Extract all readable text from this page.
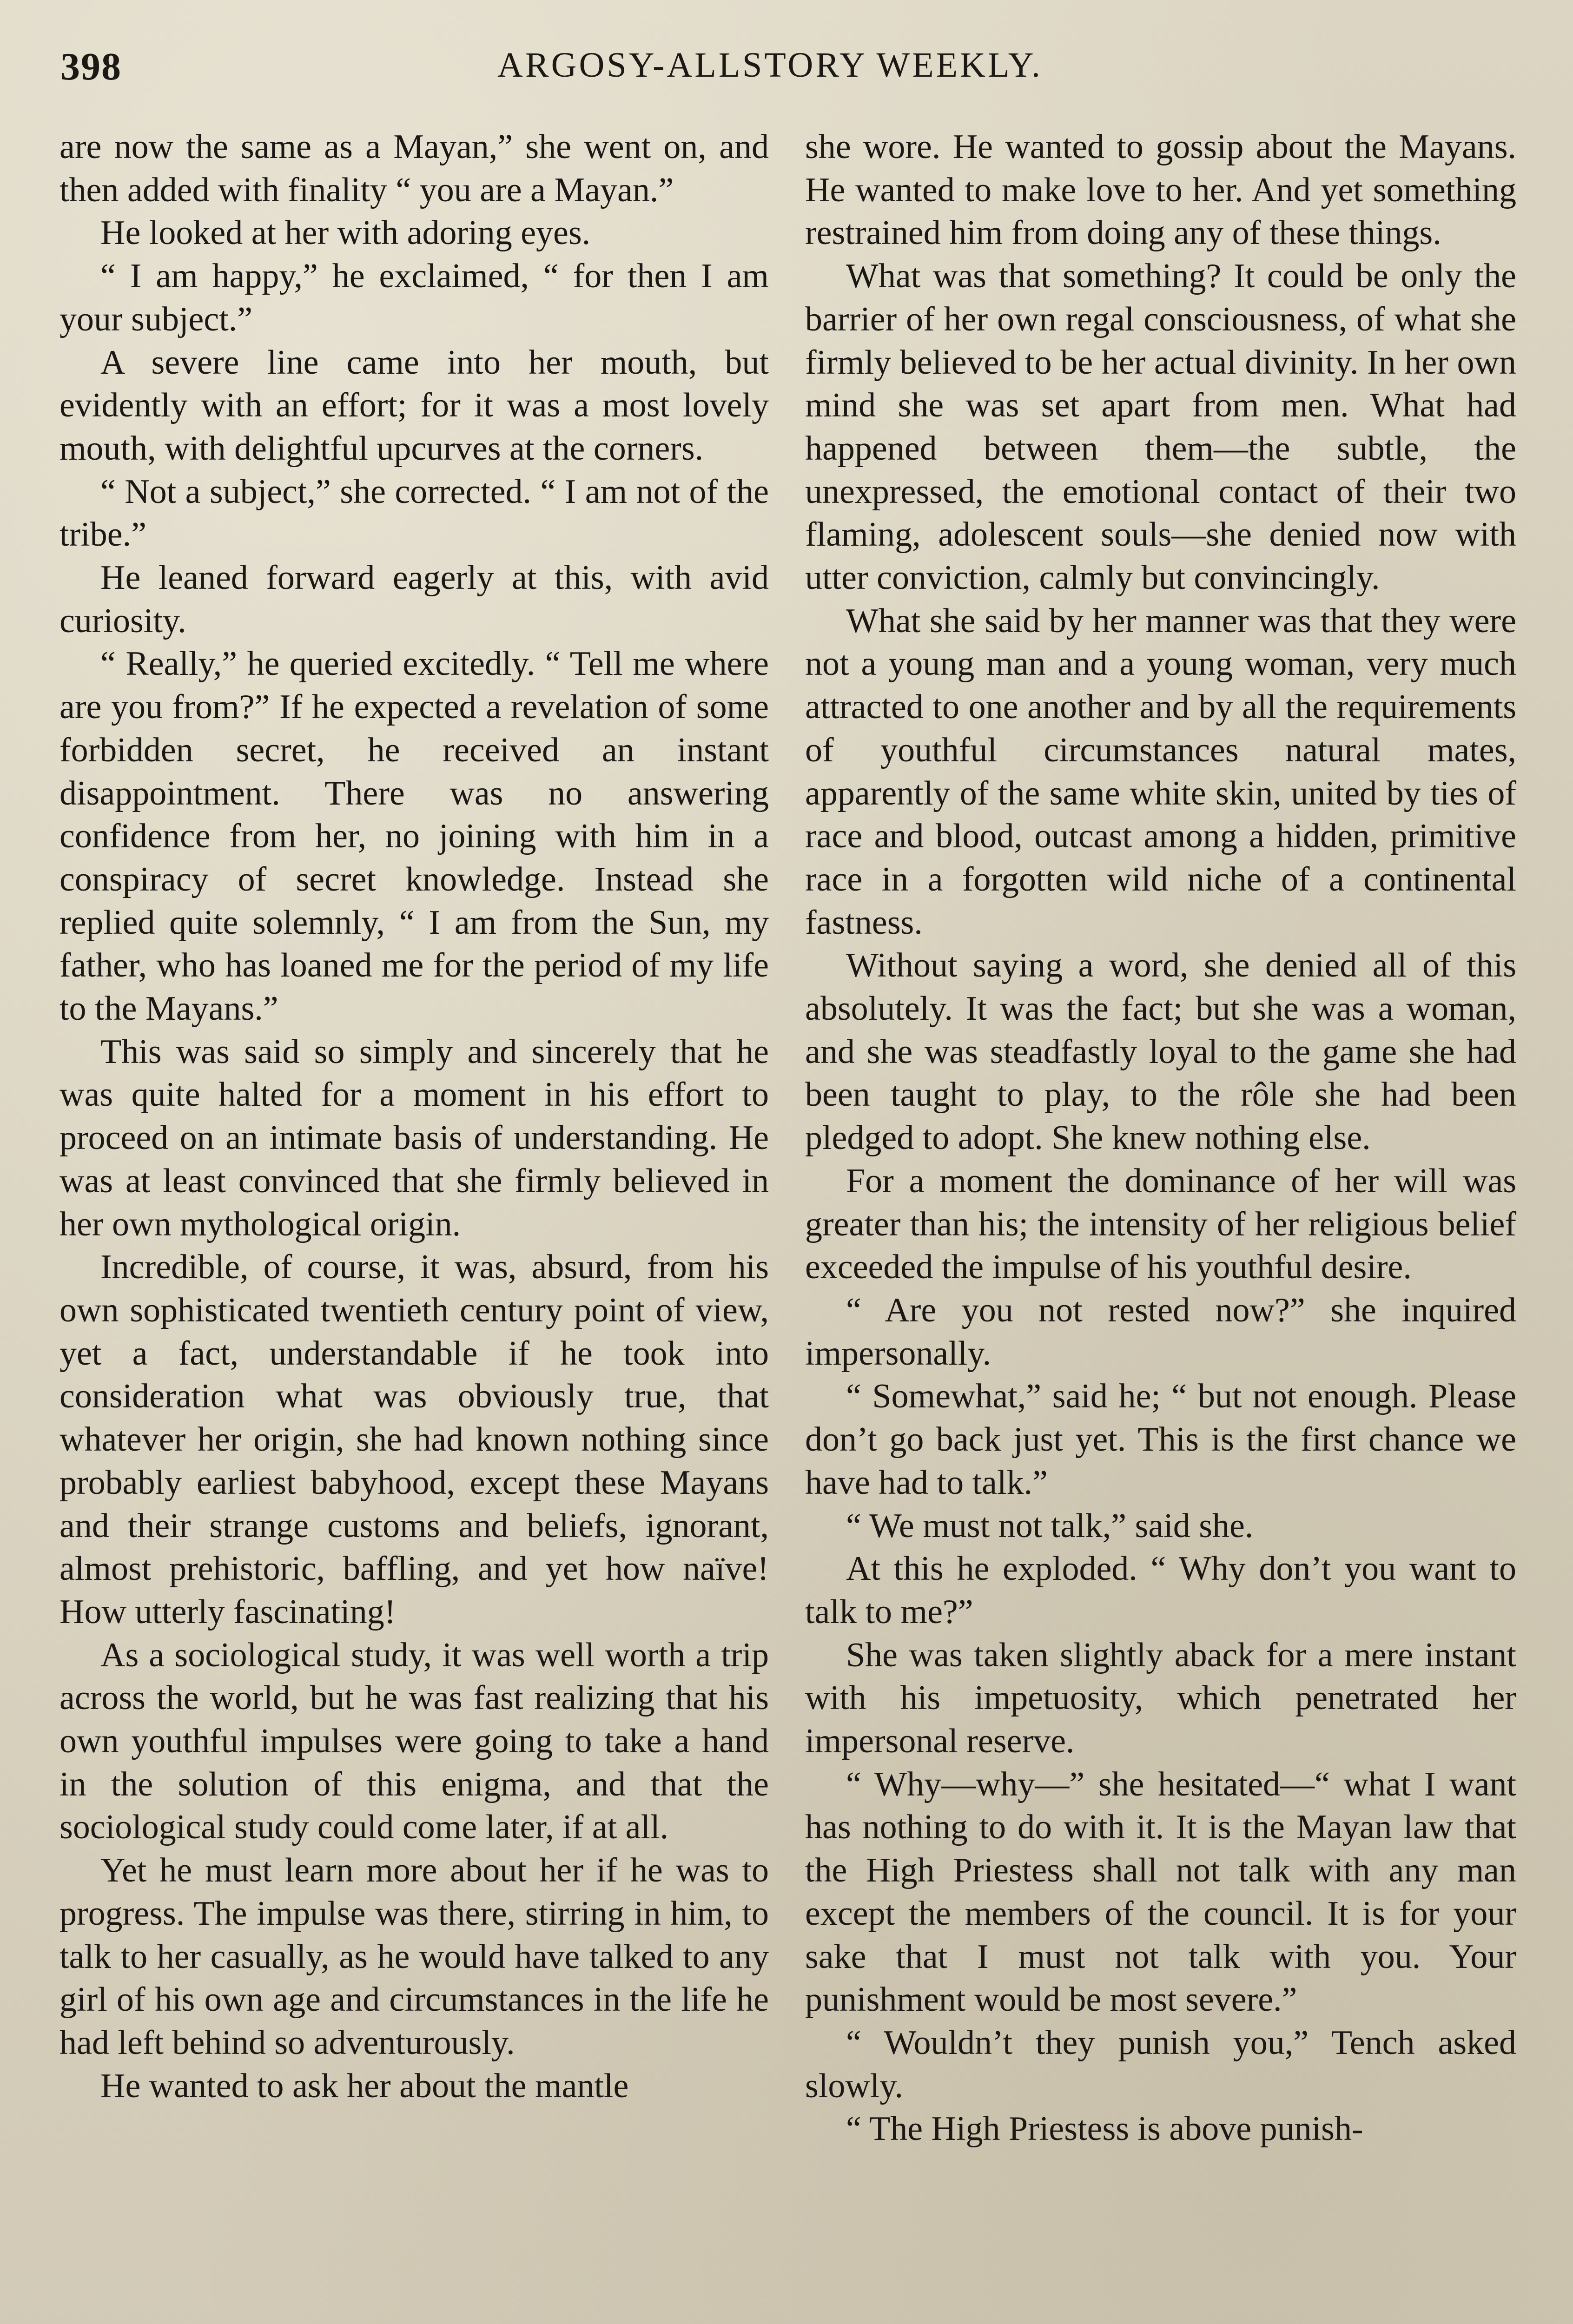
398	ARGOSY-ALLSTORY WEEKLY.

are now the same as a Mayan,” she went on, and then added with finality “ you are a Mayan.”

He looked at her with adoring eyes.

“ I am happy,” he exclaimed, “ for then I am your subject.”

A severe line came into her mouth, but evidently with an effort; for it was a most lovely mouth, with delightful upcurves at the corners.

“ Not a subject,” she corrected. “ I am not of the tribe.”

He leaned forward eagerly at this, with avid curiosity.

“ Really,” he queried excitedly. “ Tell me where are you from?” If he expected a revelation of some forbidden secret, he received an instant disappointment. There was no answering confidence from her, no joining with him in a conspiracy of secret knowledge. Instead she replied quite solemnly, “ I am from the Sun, my father, who has loaned me for the period of my life to the Mayans.”

This was said so simply and sincerely that he was quite halted for a moment in his effort to proceed on an intimate basis of understanding. He was at least convinced that she firmly believed in her own mythological origin.

Incredible, of course, it was, absurd, from his own sophisticated twentieth century point of view, yet a fact, understandable if he took into consideration what was obviously true, that whatever her origin, she had known nothing since probably earliest babyhood, except these Mayans and their strange customs and beliefs, ignorant, almost prehistoric, baffling, and yet how naïve! How utterly fascinating!

As a sociological study, it was well worth a trip across the world, but he was fast realizing that his own youthful impulses were going to take a hand in the solution of this enigma, and that the sociological study could come later, if at all.

Yet he must learn more about her if he was to progress. The impulse was there, stirring in him, to talk to her casually, as he would have talked to any girl of his own age and circumstances in the life he had left behind so adventurously.

He wanted to ask her about the mantle

she wore. He wanted to gossip about the Mayans. He wanted to make love to her. And yet something restrained him from doing any of these things.

What was that something? It could be only the barrier of her own regal consciousness, of what she firmly believed to be her actual divinity. In her own mind she was set apart from men. What had happened between them—the subtle, the unexpressed, the emotional contact of their two flaming, adolescent souls—she denied now with utter conviction, calmly but convincingly.

What she said by her manner was that they were not a young man and a young woman, very much attracted to one another and by all the requirements of youthful circumstances natural mates, apparently of the same white skin, united by ties of race and blood, outcast among a hidden, primitive race in a forgotten wild niche of a continental fastness.

Without saying a word, she denied all of this absolutely. It was the fact; but she was a woman, and she was steadfastly loyal to the game she had been taught to play, to the rôle she had been pledged to adopt. She knew nothing else.

For a moment the dominance of her will was greater than his; the intensity of her religious belief exceeded the impulse of his youthful desire.

“ Are you not rested now?” she inquired impersonally.

“ Somewhat,” said he; “ but not enough. Please don’t go back just yet. This is the first chance we have had to talk.”

“ We must not talk,” said she.

At this he exploded. “ Why don’t you want to talk to me?”

She was taken slightly aback for a mere instant with his impetuosity, which penetrated her impersonal reserve.

“ Why—why—” she hesitated—“ what I want has nothing to do with it. It is the Mayan law that the High Priestess shall not talk with any man except the members of the council. It is for your sake that I must not talk with you. Your punishment would be most severe.”

“ Wouldn’t they punish you,” Tench asked slowly.

“ The High Priestess is above punish-
